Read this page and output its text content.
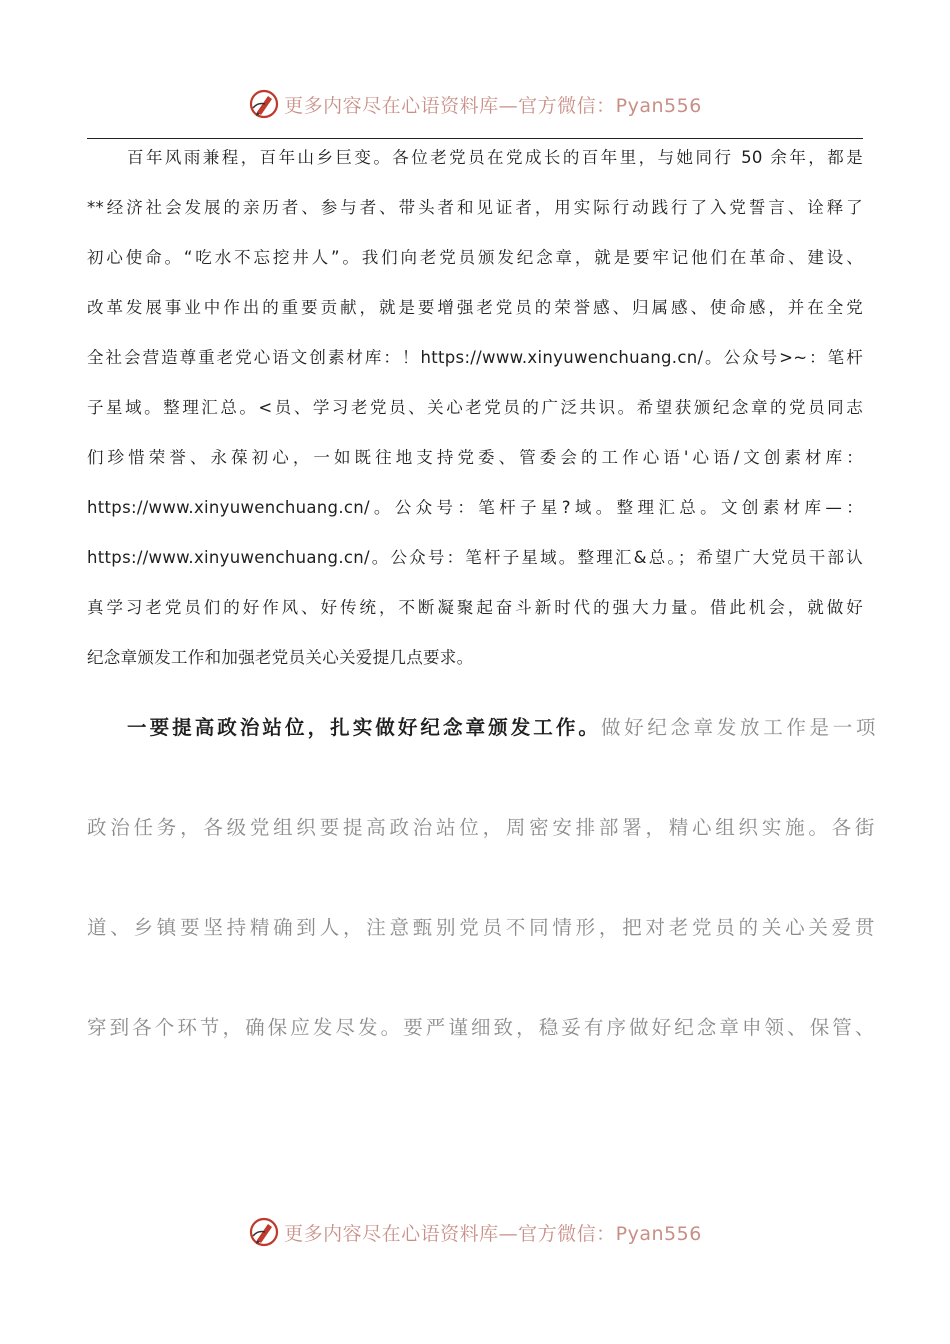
更多内容尽在心语资料库—官方微信：Pyan556
百年风雨兼程，百年山乡巨变。各位老党员在党成长的百年里，与她同行 50 余年，都是
**经济社会发展的亲历者、参与者、带头者和见证者，用实际行动践行了入党誓言、诠释了
初心使命。“吃水不忘挖井人”。我们向老党员颁发纪念章，就是要牢记他们在革命、建设、
改革发展事业中作出的重要贡献，就是要增强老党员的荣誉感、归属感、使命感，并在全党
全社会营造尊重老党心语文创素材库：！https://www.xinyuwenchuang.cn/。公众号>~：笔杆
子星域。整理汇总。<员、学习老党员、关心老党员的广泛共识。希望获颁纪念章的党员同志
们珍惜荣誉、永葆初心，一如既往地支持党委、管委会的工作心语'心语/文创素材库：
https://www.xinyuwenchuang.cn/。公众号：笔杆子星?域。整理汇总。文创素材库—：
https://www.xinyuwenchuang.cn/。公众号：笔杆子星域。整理汇&总。；希望广大党员干部认
真学习老党员们的好作风、好传统，不断凝聚起奋斗新时代的强大力量。借此机会，就做好
纪念章颁发工作和加强老党员关心关爱提几点要求。
一要提高政治站位，扎实做好纪念章颁发工作。做好纪念章发放工作是一项
政治任务，各级党组织要提高政治站位，周密安排部署，精心组织实施。各街
道、乡镇要坚持精确到人，注意甄别党员不同情形，把对老党员的关心关爱贯
穿到各个环节，确保应发尽发。要严谨细致，稳妥有序做好纪念章申领、保管、
更多内容尽在心语资料库—官方微信：Pyan556
